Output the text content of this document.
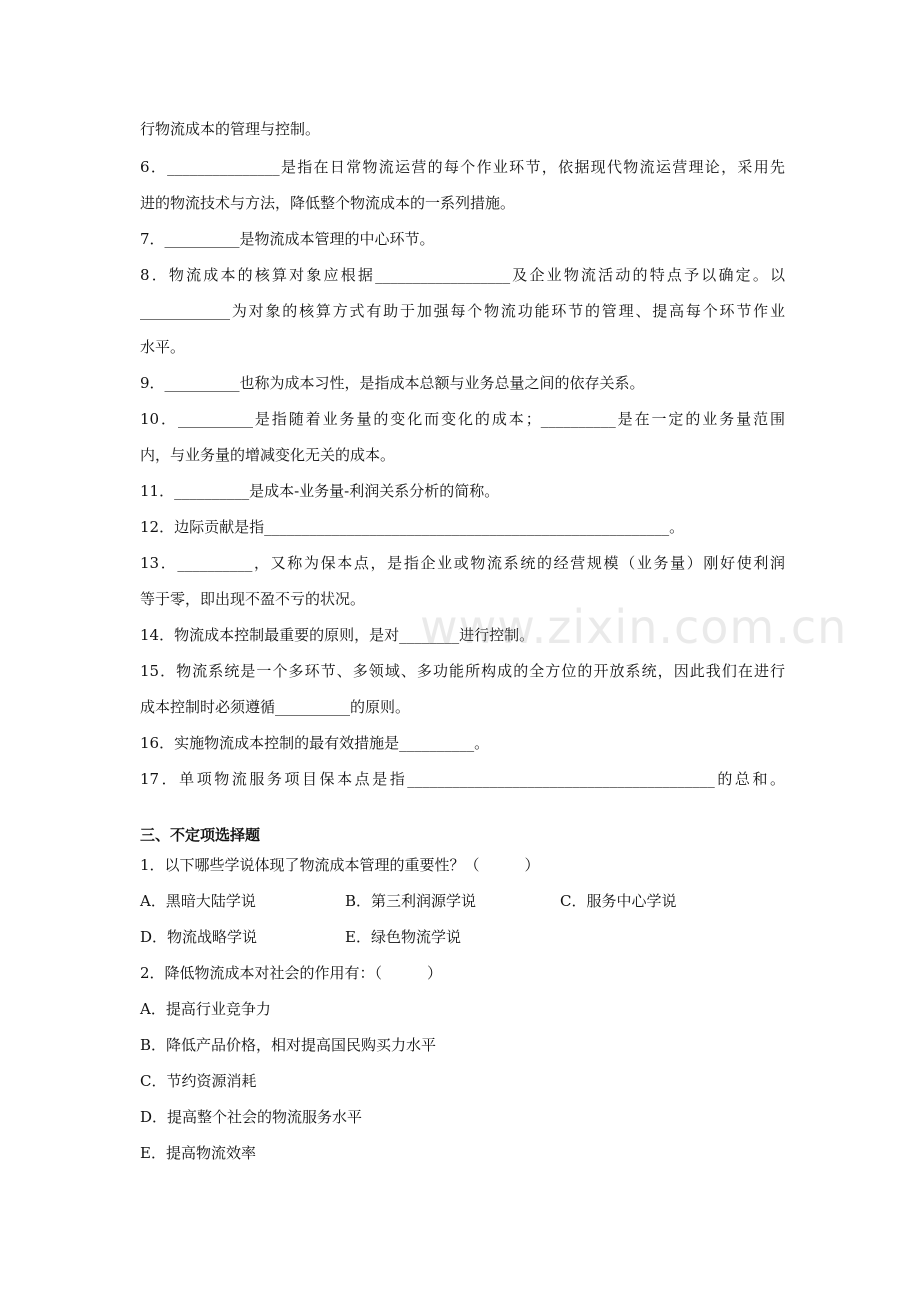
行物流成本的管理与控制。
6．_______________是指在日常物流运营的每个作业环节，依据现代物流运营理论，采用先
进的物流技术与方法，降低整个物流成本的一系列措施。
7．__________是物流成本管理的中心环节。
8．物流成本的核算对象应根据__________________及企业物流活动的特点予以确定。以
____________为对象的核算方式有助于加强每个物流功能环节的管理、提高每个环节作业
水平。
9．__________也称为成本习性，是指成本总额与业务总量之间的依存关系。
10．__________是指随着业务量的变化而变化的成本；__________是在一定的业务量范围
内，与业务量的增减变化无关的成本。
11．__________是成本-业务量-利润关系分析的简称。
12．边际贡献是指______________________________________________________。
13．__________，又称为保本点，是指企业或物流系统的经营规模（业务量）刚好使利润
等于零，即出现不盈不亏的状况。
14．物流成本控制最重要的原则，是对________进行控制。
15．物流系统是一个多环节、多领域、多功能所构成的全方位的开放系统，因此我们在进行
成本控制时必须遵循__________的原则。
16．实施物流成本控制的最有效措施是__________。
17．单项物流服务项目保本点是指_________________________________________的总和。
三、不定项选择题
1．以下哪些学说体现了物流成本管理的重要性？（　　　）
A．黑暗大陆学说	B．第三利润源学说	C．服务中心学说
D．物流战略学说	E．绿色物流学说
2．降低物流成本对社会的作用有：（　　　）
A．提高行业竞争力
B．降低产品价格，相对提高国民购买力水平
C．节约资源消耗
D．提高整个社会的物流服务水平
E．提高物流效率
www.zixin.com.cn
